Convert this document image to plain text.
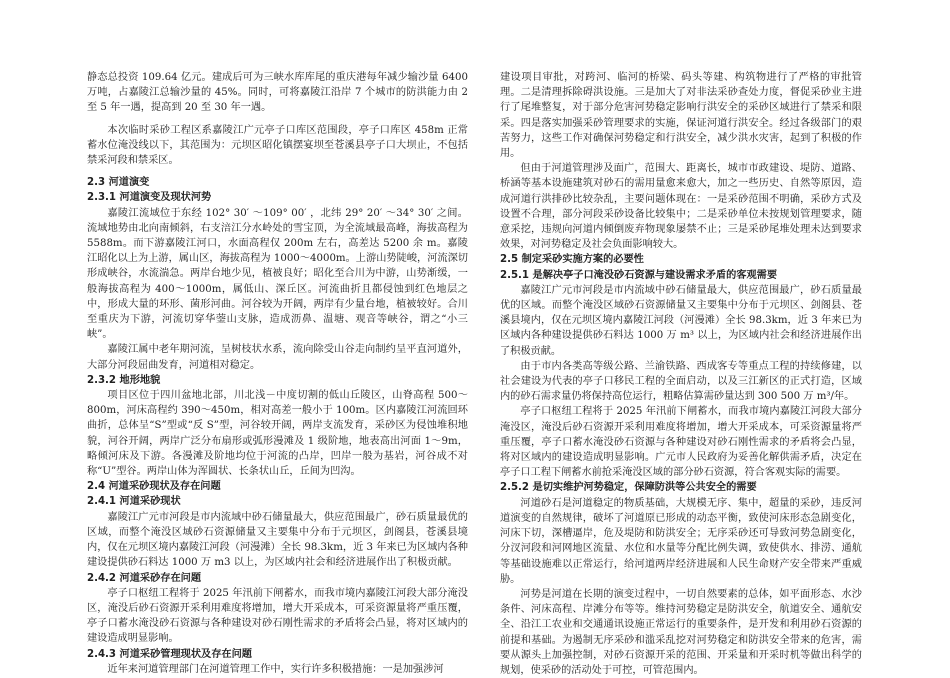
静态总投资 109.64 亿元。建成后可为三峡水库库尾的重庆港每年减少输沙量 6400 万吨，占嘉陵江总输沙量的 45%。同时，可将嘉陵江沿岸 7 个城市的防洪能力由 2 至 5 年一遇，提高到 20 至 30 年一遇。

本次临时采砂工程区系嘉陵江广元亭子口库区范围段，亭子口库区 458m 正常蓄水位淹没线以下，其范围为：元坝区昭化镇摆宴坝至苍溪县亭子口大坝止，不包括禁采河段和禁采区。

2.3 河道演变

2.3.1 河道演变及现状河势

嘉陵江流域位于东经 102° 30′ ～109° 00′ ，北纬 29° 20′ ～34° 30′ 之间。流域地势由北向南倾斜，右支涪江分水岭处的雪宝顶，为全流域最高峰，海拔高程为 5588m。而下游嘉陵江河口，水面高程仅 200m 左右，高差达 5200 余 m。嘉陵江昭化以上为上游，属山区，海拔高程为 1000～4000m。上游山势陡峻，河流深切形成峡谷，水流湍急。两岸台地少见，植被良好；昭化至合川为中游，山势渐缓，一般海拔高程为 400～1000m，属低山、深丘区。河流曲折且都侵蚀到红色地层之中，形成大量的环形、菌形河曲。河谷较为开阔，两岸有少量台地，植被较好。合川至重庆为下游，河流切穿华蓥山支脉，造成沥鼻、温塘、观音等峡谷，谓之“小三峡”。

嘉陵江属中老年期河流，呈树枝状水系，流向除受山谷走向制约呈平直河道外，大部分河段屈曲发育，河道相对稳定。

2.3.2 地形地貌

项目区位于四川盆地北部，川北浅－中度切割的低山丘陵区，山脊高程 500～800m，河床高程约 390～450m，相对高差一般小于 100m。区内嘉陵江河流回环曲折，总体呈“S”型或“反 S”型，河谷较开阔，两岸支流发育，采砂区为侵蚀堆积地貌，河谷开阔，两岸广泛分布扇形或弧形漫滩及 1 级阶地，地表高出河面 1～9m，略倾河床及下游。各漫滩及阶地均位于河流的凸岸，凹岸一般为基岩，河谷成不对称“U”型谷。两岸山体为浑圆状、长条状山丘，丘间为凹沟。

2.4 河道采砂现状及存在问题

2.4.1 河道采砂现状

嘉陵江广元市河段是市内流域中砂石储量最大，供应范围最广，砂石质量最优的区域，而整个淹没区域砂石资源储量又主要集中分布于元坝区，剑阁县，苍溪县境内，仅在元坝区境内嘉陵江河段（河漫滩）全长 98.3km，近 3 年来已为区域内各种建设提供砂石料达 1000 万 m3 以上，为区域内社会和经济进展作出了积极贡献。

2.4.2 河道采砂存在问题

亭子口枢纽工程将于 2025 年汛前下闸蓄水，而我市境内嘉陵江河段大部分淹没区，淹没后砂石资源开采利用难度将增加，增大开采成本，可采资源量将严重压覆，亭子口蓄水淹没砂石资源与各种建设对砂石刚性需求的矛盾将会凸显，将对区域内的建设造成明显影响。

2.4.3 河道采砂管理现状及存在问题

近年来河道管理部门在河道管理工作中，实行许多积极措施：一是加强涉河

建设项目审批，对跨河、临河的桥梁、码头等建、构筑物进行了严格的审批管理。二是清理拆除碍洪设施。三是加大了对非法采砂查处力度，督促采砂业主进行了尾堆整复，对于部分危害河势稳定影响行洪安全的采砂区域进行了禁采和限采。四是落实加强采砂管理要求的实施，保证河道行洪安全。经过各级部门的艰苦努力，这些工作对确保河势稳定和行洪安全，减少洪水灾害，起到了积极的作用。

但由于河道管理涉及面广，范围大、距离长，城市市政建设、堤防、道路、桥涵等基本设施建筑对砂石的需用量愈来愈大，加之一些历史、自然等原因，造成河道行洪排砂比较杂乱，主要问题体现在：一是采砂范围不明确，采砂方式及设置不合理，部分河段采砂设备比较集中；二是采砂单位未按规划管理要求，随意采挖，违规向河道内倾倒废弃物现象屡禁不止；三是采砂尾堆处理未达到要求效果，对河势稳定及社会负面影响较大。

2.5 制定采砂实施方案的必要性

2.5.1 是解决亭子口淹没砂石资源与建设需求矛盾的客观需要

嘉陵江广元市河段是市内流域中砂石储量最大，供应范围最广，砂石质量最优的区域。而整个淹没区域砂石资源储量又主要集中分布于元坝区、剑阁县、苍溪县境内，仅在元坝区境内嘉陵江河段（河漫滩）全长 98.3km，近 3 年来已为区域内各种建设提供砂石料达 1000 万 m³ 以上，为区域内社会和经济进展作出了积极贡献。

由于市内各类高等级公路、兰渝铁路、西成客专等重点工程的持续修建，以社会建设为代表的亭子口移民工程的全面启动，以及三江新区的正式打造，区域内的砂石需求量仍将保持高位运行，粗略估算需砂量达到 300 500 万 m³/年。

亭子口枢纽工程将于 2025 年汛前下闸蓄水，而我市境内嘉陵江河段大部分淹没区，淹没后砂石资源开采利用难度将增加，增大开采成本，可采资源量将严重压覆，亭子口蓄水淹没砂石资源与各种建设对砂石刚性需求的矛盾将会凸显，将对区域内的建设造成明显影响。广元市人民政府为妥善化解供需矛盾，决定在亭子口工程下闸蓄水前抢采淹没区域的部分砂石资源，符合客观实际的需要。

2.5.2 是切实维护河势稳定，保障防洪等公共安全的需要

河道砂石是河道稳定的物质基础，大规模无序、集中，超量的采砂，违反河道演变的自然规律，破坏了河道原已形成的动态平衡，致使河床形态急剧变化，河床下切，深槽逼岸，危及堤防和防洪安全；无序采砂还可导致河势急剧变化，分汊河段和河网地区流量、水位和水量等分配比例失调，致使供水、排涝、通航等基础设施难以正常运行，给河道两岸经济进展和人民生命财产安全带来严重威胁。

河势是河道在长期的演变过程中，一切自然要素的总体，如平面形态、水沙条件、河床高程、岸滩分布等等。维持河势稳定是防洪安全，航道安全、通航安全、沿江工农业和交通通讯设施正常运行的重要条件，是开发和利用砂石资源的前提和基础。为遏制无序采砂和滥采乱挖对河势稳定和防洪安全带来的危害，需要从源头上加强控制，对砂石资源开采的范围、开采量和开采时机等做出科学的规划，使采砂的活动处于可控，可管范围内。
